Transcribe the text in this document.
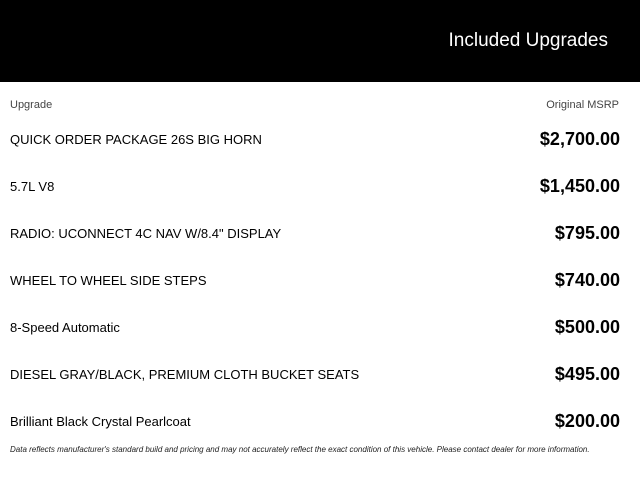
Included Upgrades
Upgrade	Original MSRP
QUICK ORDER PACKAGE 26S BIG HORN	$2,700.00
5.7L V8	$1,450.00
RADIO: UCONNECT 4C NAV W/8.4" DISPLAY	$795.00
WHEEL TO WHEEL SIDE STEPS	$740.00
8-Speed Automatic	$500.00
DIESEL GRAY/BLACK, PREMIUM CLOTH BUCKET SEATS	$495.00
Brilliant Black Crystal Pearlcoat	$200.00
Data reflects manufacturer's standard build and pricing and may not accurately reflect the exact condition of this vehicle. Please contact dealer for more information.
